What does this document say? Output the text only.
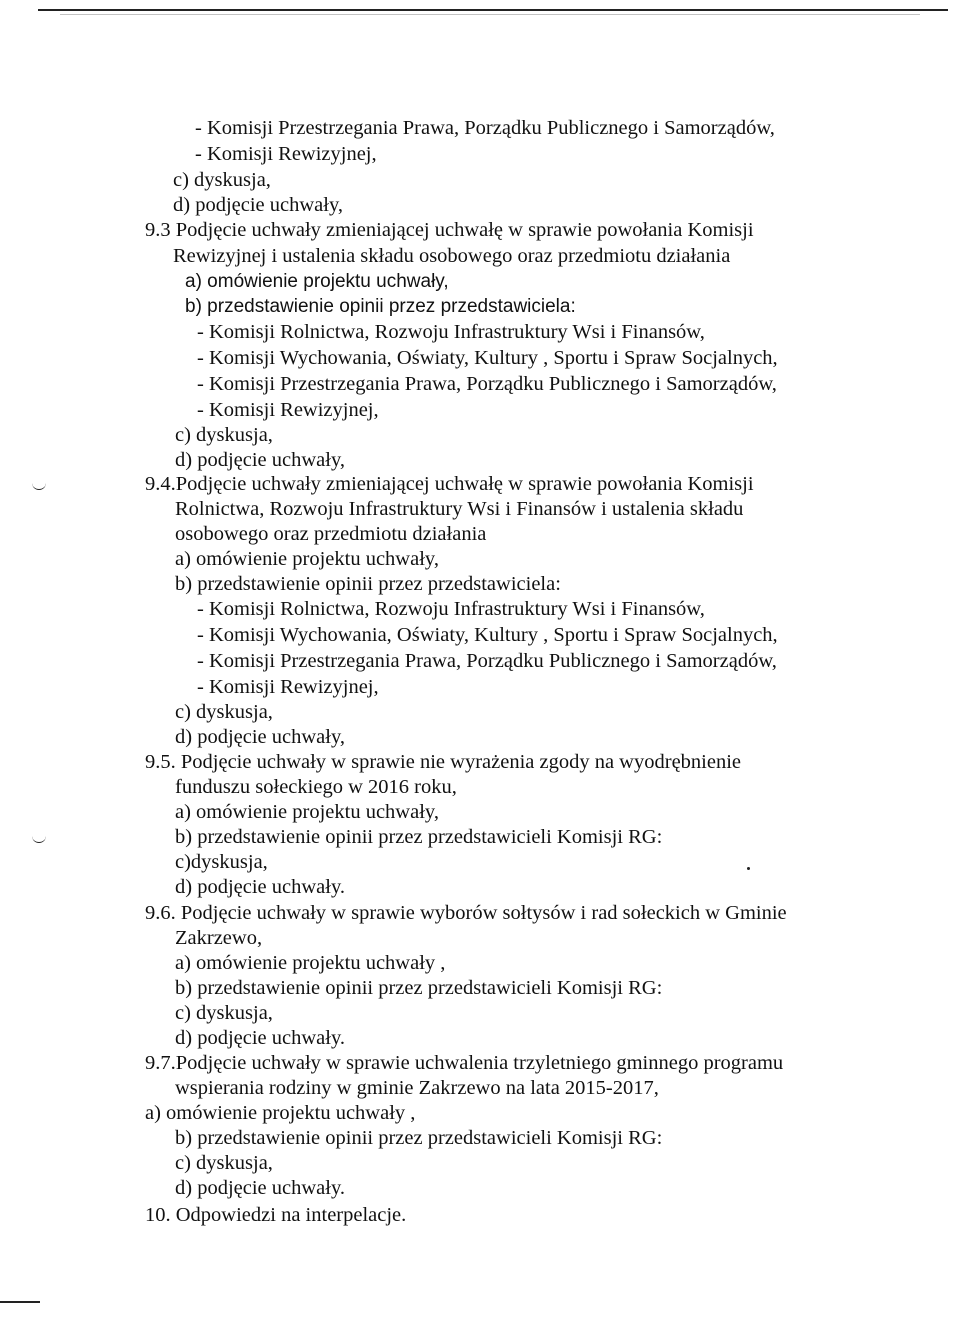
- Komisji Przestrzegania Prawa, Porządku Publicznego i Samorządów,
- Komisji Rewizyjnej,
c) dyskusja,
d) podjęcie uchwały,
9.3 Podjęcie uchwały zmieniającej uchwałę w sprawie powołania Komisji
Rewizyjnej i ustalenia składu osobowego oraz przedmiotu działania
a) omówienie projektu uchwały,
b) przedstawienie opinii przez przedstawiciela:
- Komisji Rolnictwa, Rozwoju Infrastruktury Wsi i Finansów,
- Komisji Wychowania, Oświaty, Kultury , Sportu i Spraw Socjalnych,
- Komisji Przestrzegania Prawa, Porządku Publicznego i Samorządów,
- Komisji Rewizyjnej,
c) dyskusja,
d) podjęcie uchwały,
9.4.Podjęcie uchwały zmieniającej uchwałę w sprawie powołania Komisji
Rolnictwa, Rozwoju Infrastruktury Wsi i Finansów i ustalenia składu
osobowego oraz przedmiotu działania
a) omówienie projektu uchwały,
b) przedstawienie opinii przez przedstawiciela:
- Komisji Rolnictwa, Rozwoju Infrastruktury Wsi i Finansów,
- Komisji Wychowania, Oświaty, Kultury , Sportu i Spraw Socjalnych,
- Komisji Przestrzegania Prawa, Porządku Publicznego i Samorządów,
- Komisji Rewizyjnej,
c) dyskusja,
d) podjęcie uchwały,
9.5. Podjęcie uchwały w sprawie nie wyrażenia zgody na wyodrębnienie
funduszu sołeckiego w 2016 roku,
a) omówienie projektu uchwały,
b) przedstawienie opinii przez przedstawicieli Komisji RG:
c)dyskusja,
d) podjęcie uchwały.
9.6. Podjęcie uchwały w sprawie wyborów sołtysów i rad sołeckich w Gminie
Zakrzewo,
a) omówienie projektu uchwały ,
b) przedstawienie opinii przez przedstawicieli Komisji RG:
c) dyskusja,
d) podjęcie uchwały.
9.7.Podjęcie uchwały w sprawie uchwalenia trzyletniego gminnego programu
wspierania rodziny w gminie Zakrzewo na lata 2015-2017,
a) omówienie projektu uchwały ,
b) przedstawienie opinii przez przedstawicieli Komisji RG:
c) dyskusja,
d) podjęcie uchwały.
10. Odpowiedzi na interpelacje.
